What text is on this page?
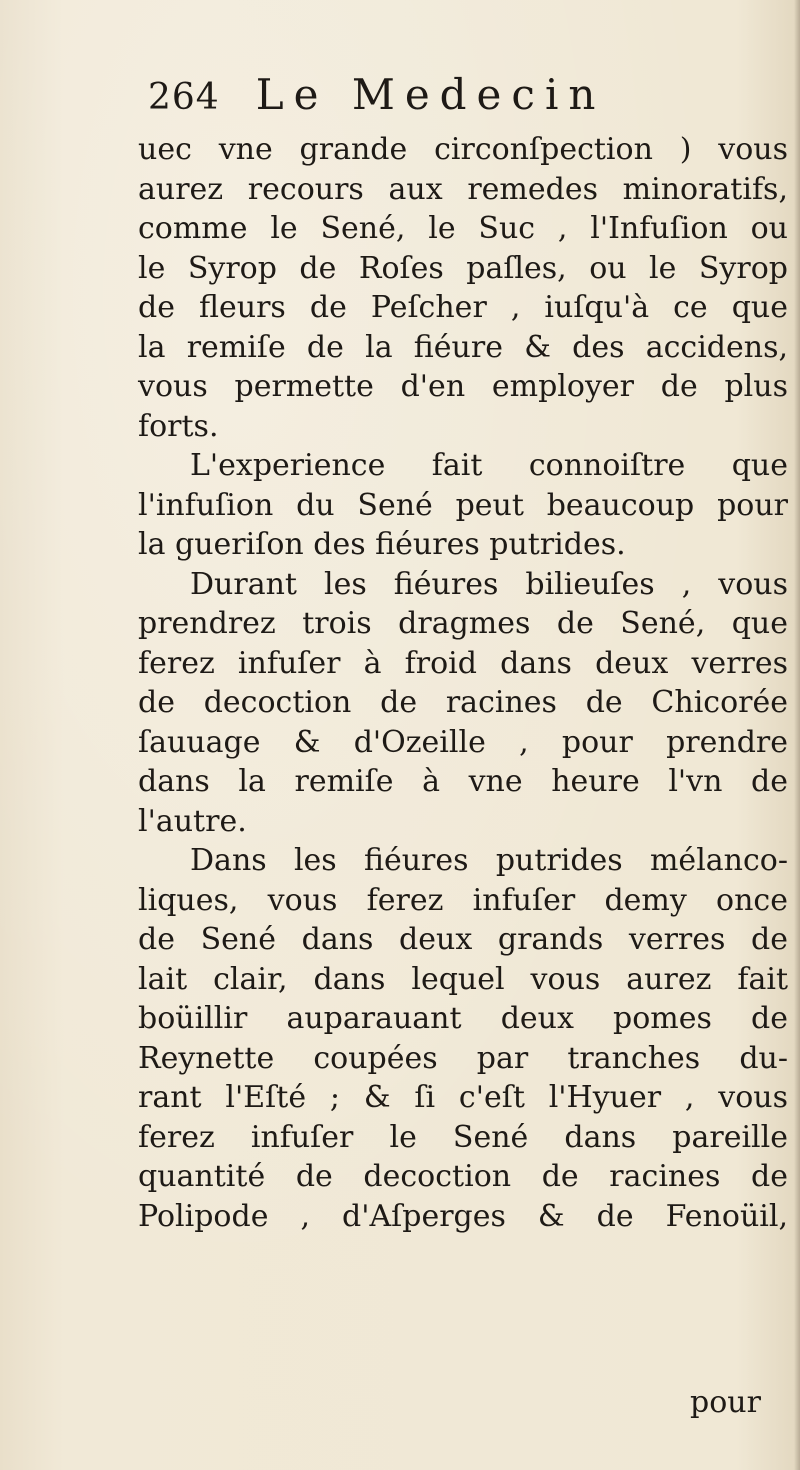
264 Le Medecin
uec vne grande circonſpection ) vous
aurez recours aux remedes minoratifs,
comme le Sené, le Suc , l'Infuſion ou
le Syrop de Roſes paſles, ou le Syrop
de fleurs de Peſcher , iuſqu'à ce que
la remiſe de la fiéure & des accidens,
vous permette d'en employer de plus
forts.
L'experience fait connoiſtre que
l'infuſion du Sené peut beaucoup pour
la gueriſon des fiéures putrides.
Durant les fiéures bilieuſes , vous
prendrez trois dragmes de Sené, que
ferez infuſer à froid dans deux verres
de decoction de racines de Chicorée
ſauuage & d'Ozeille , pour prendre
dans la remiſe à vne heure l'vn de
l'autre.
Dans les fiéures putrides mélanco-
liques, vous ferez infuſer demy once
de Sené dans deux grands verres de
lait clair, dans lequel vous aurez fait
boüillir auparauant deux pomes de
Reynette coupées par tranches du-
rant l'Eſté ; & ſi c'eſt l'Hyuer , vous
ferez infuſer le Sené dans pareille
quantité de decoction de racines de
Polipode , d'Aſperges & de Fenoüil,
pour
